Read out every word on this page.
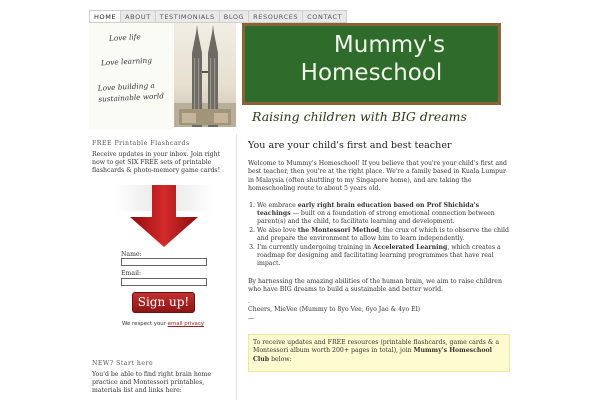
HOME	ABOUT	TESTIMONIALS	BLOG	RESOURCES	CONTACT
Love life
Love learning
Love building a
sustainable world
Mummy's
Homeschool
Raising children with BIG dreams
FREE Printable Flashcards
Receive updates in your inbox. Join right now to get SIX FREE sets of printable flashcards & photo-memory game cards!
Name:
Email:
Sign up!
We respect your email privacy
NEW? Start here
You'd be able to find right brain home practice and Montessori printables, materials list and links here:
You are your child's first and best teacher
Welcome to Mummy's Homeschool! If you believe that you're your child's first and best teacher, then you're at the right place. We're a family based in Kuala Lumpur in Malaysia (often shuttling to my Singapore home), and are taking the homeschooling route to about 5 years old.
1. We embrace early right brain education based on Prof Shichida's teachings — built on a foundation of strong emotional connection between parent(s) and the child, to facilitate learning and development.
2. We also love the Montessori Method, the crux of which is to observe the child and prepare the environment to allow him to learn independently.
3. I'm currently undergoing training in Accelerated Learning, which creates a roadmap for designing and facilitating learning programmes that have real impact.
By harnessing the amazing abilities of the human brain, we aim to raise children who have BIG dreams to build a sustainable and better world.
.
Cheers, MieVee (Mummy to 8yo Vee, 6yo Jae & 4yo El)
—
To receive updates and FREE resources (printable flashcards, game cards & a Montessori album worth 200+ pages in total), join Mummy's Homeschool Club below:
